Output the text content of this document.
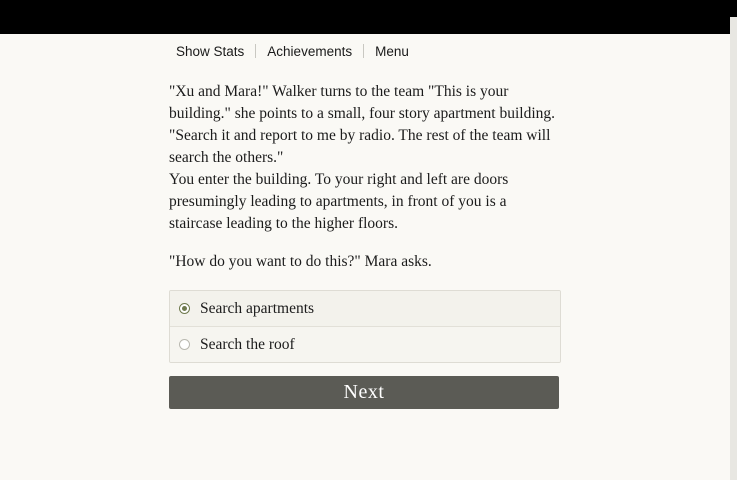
Show Stats	Achievements	Menu

"Xu and Mara!" Walker turns to the team "This is your building." she points to a small, four story apartment building. "Search it and report to me by radio. The rest of the team will search the others."

You enter the building. To your right and left are doors presumingly leading to apartments, in front of you is a staircase leading to the higher floors.

"How do you want to do this?" Mara asks.

Search apartments
Search the roof
Next
